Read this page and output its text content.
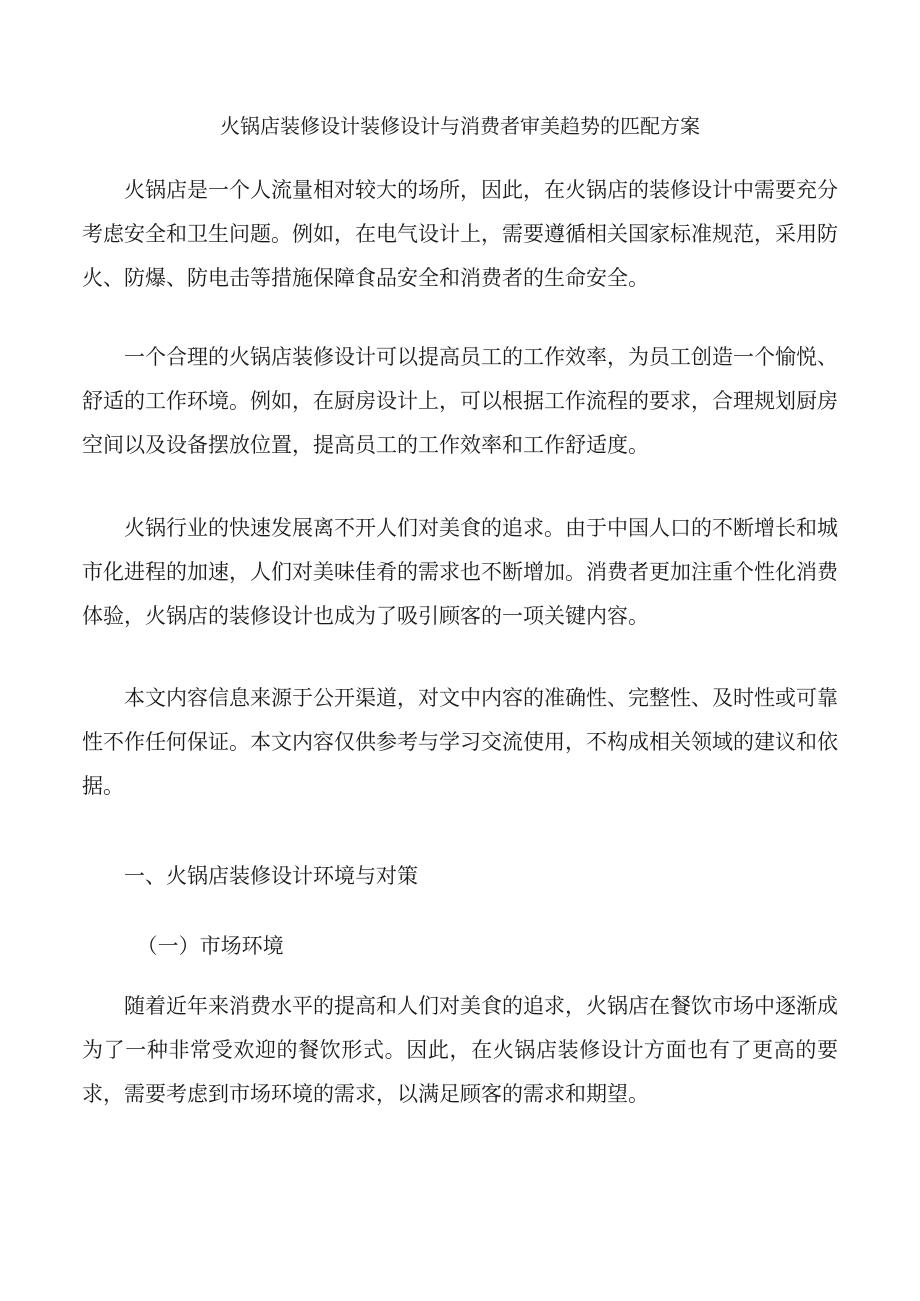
火锅店装修设计装修设计与消费者审美趋势的匹配方案

火锅店是一个人流量相对较大的场所，因此，在火锅店的装修设计中需要充分考虑安全和卫生问题。例如，在电气设计上，需要遵循相关国家标准规范，采用防火、防爆、防电击等措施保障食品安全和消费者的生命安全。

一个合理的火锅店装修设计可以提高员工的工作效率，为员工创造一个愉悦、舒适的工作环境。例如，在厨房设计上，可以根据工作流程的要求，合理规划厨房空间以及设备摆放位置，提高员工的工作效率和工作舒适度。

火锅行业的快速发展离不开人们对美食的追求。由于中国人口的不断增长和城市化进程的加速，人们对美味佳肴的需求也不断增加。消费者更加注重个性化消费体验，火锅店的装修设计也成为了吸引顾客的一项关键内容。

本文内容信息来源于公开渠道，对文中内容的准确性、完整性、及时性或可靠性不作任何保证。本文内容仅供参考与学习交流使用，不构成相关领域的建议和依据。

一、火锅店装修设计环境与对策
（一）市场环境

随着近年来消费水平的提高和人们对美食的追求，火锅店在餐饮市场中逐渐成为了一种非常受欢迎的餐饮形式。因此，在火锅店装修设计方面也有了更高的要求，需要考虑到市场环境的需求，以满足顾客的需求和期望。
